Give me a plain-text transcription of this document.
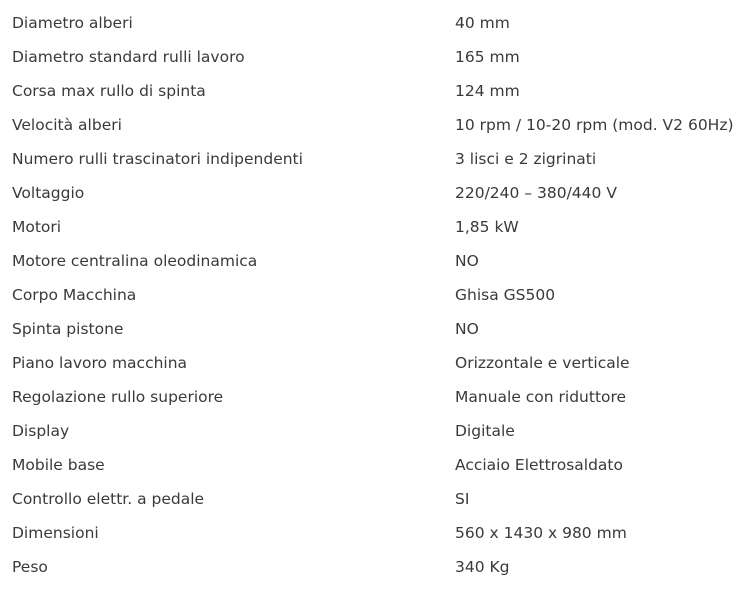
Diametro alberi	40 mm
Diametro standard rulli lavoro	165 mm
Corsa max rullo di spinta	124 mm
Velocità alberi	10 rpm / 10-20 rpm (mod. V2 60Hz)
Numero rulli trascinatori indipendenti	3 lisci e 2 zigrinati
Voltaggio	220/240 – 380/440 V
Motori	1,85 kW
Motore centralina oleodinamica	NO
Corpo Macchina	Ghisa GS500
Spinta pistone	NO
Piano lavoro macchina	Orizzontale e verticale
Regolazione rullo superiore	Manuale con riduttore
Display	Digitale
Mobile base	Acciaio Elettrosaldato
Controllo elettr. a pedale	SI
Dimensioni	560 x 1430 x 980 mm
Peso	340 Kg
